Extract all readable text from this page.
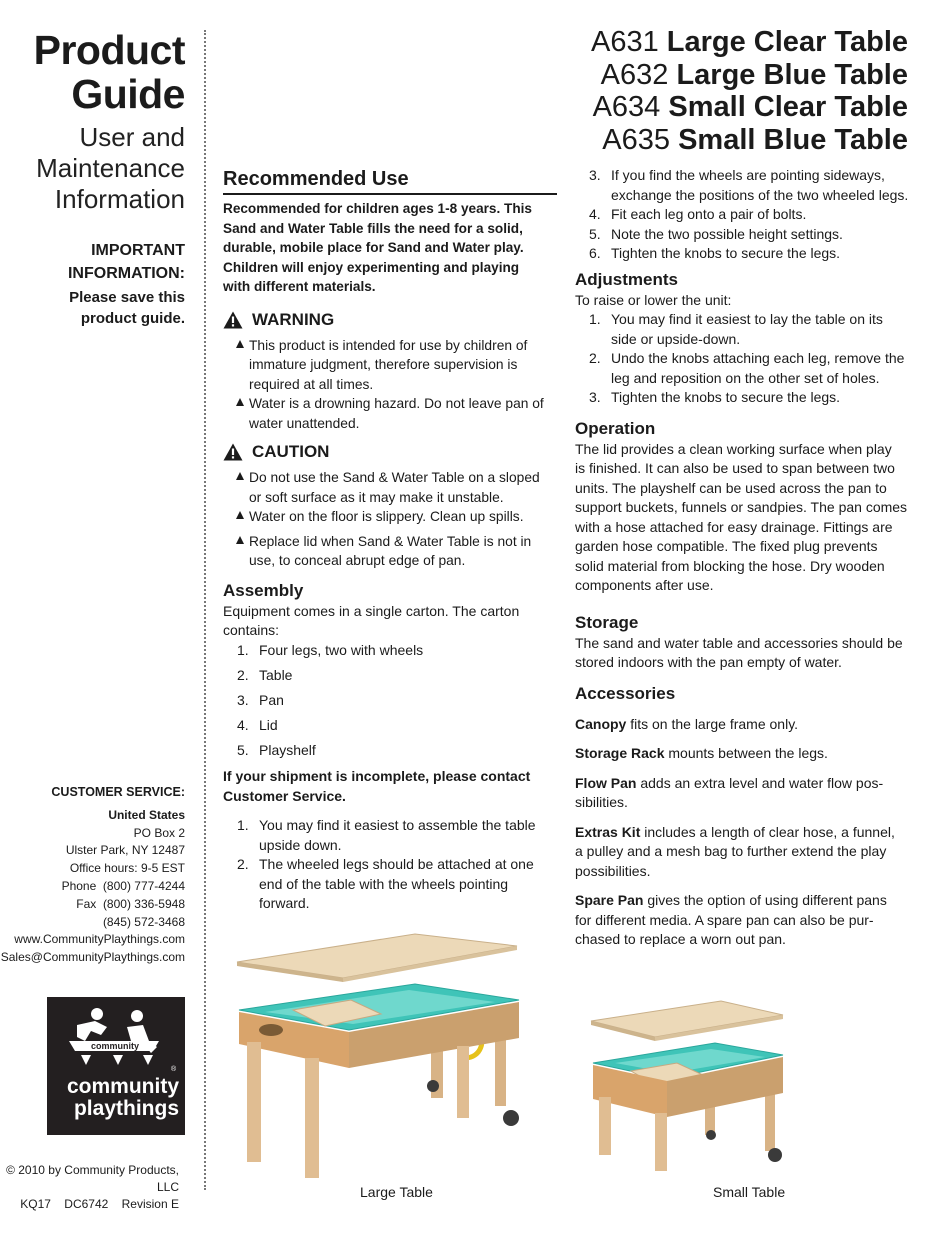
Product
Guide
User and
Maintenance
Information
IMPORTANT
INFORMATION:
Please save this
product guide.
CUSTOMER SERVICE:
United States
PO Box 2
Ulster Park, NY 12487
Office hours: 9-5 EST
Phone  (800) 777-4244
Fax  (800) 336-5948
(845) 572-3468
www.CommunityPlaythings.com
Sales@CommunityPlaythings.com
community
®
community
playthings
© 2010 by Community Products, LLC
KQ17    DC6742    Revision E
A631 Large Clear Table
A632 Large Blue Table
A634 Small Clear Table
A635 Small Blue Table
Recommended Use
Recommended for children ages 1-8 years. This
Sand and Water Table fills the need for a solid,
durable, mobile place for Sand and Water play.
Children will enjoy experimenting and playing
with different materials.
WARNING
This product is intended for use by children of
immature judgment, therefore supervision is
required at all times.
Water is a drowning hazard. Do not leave pan of
water unattended.
CAUTION
Do not use the Sand & Water Table on a sloped
or soft surface as it may make it unstable.
Water on the floor is slippery. Clean up spills.
Replace lid when Sand & Water Table is not in
use, to conceal abrupt edge of pan.
Assembly
Equipment comes in a single carton. The carton
contains:
1. Four legs, two with wheels
2. Table
3. Pan
4. Lid
5. Playshelf
If your shipment is incomplete, please contact
Customer Service.
1. You may find it easiest to assemble the table
upside down.
2. The wheeled legs should be attached at one
end of the table with the wheels pointing
forward.
3. If you find the wheels are pointing sideways,
exchange the positions of the two wheeled legs.
4. Fit each leg onto a pair of bolts.
5. Note the two possible height settings.
6. Tighten the knobs to secure the legs.
Adjustments
To raise or lower the unit:
1. You may find it easiest to lay the table on its
side or upside-down.
2. Undo the knobs attaching each leg, remove the
leg and reposition on the other set of holes.
3. Tighten the knobs to secure the legs.
Operation
The lid provides a clean working surface when play
is finished. It can also be used to span between two
units. The playshelf can be used across the pan to
support buckets, funnels or sandpies. The pan comes
with a hose attached for easy drainage. Fittings are
garden hose compatible. The fixed plug prevents
solid material from blocking the hose. Dry wooden
components after use.
Storage
The sand and water table and accessories should be
stored indoors with the pan empty of water.
Accessories

Canopy fits on the large frame only.

Storage Rack mounts between the legs.

Flow Pan adds an extra level and water flow pos-
sibilities.

Extras Kit includes a length of clear hose, a funnel,
a pulley and a mesh bag to further extend the play
possibilities.

Spare Pan gives the option of using different pans
for different media. A spare pan can also be pur-
chased to replace a worn out pan.

Large Table	Small Table
